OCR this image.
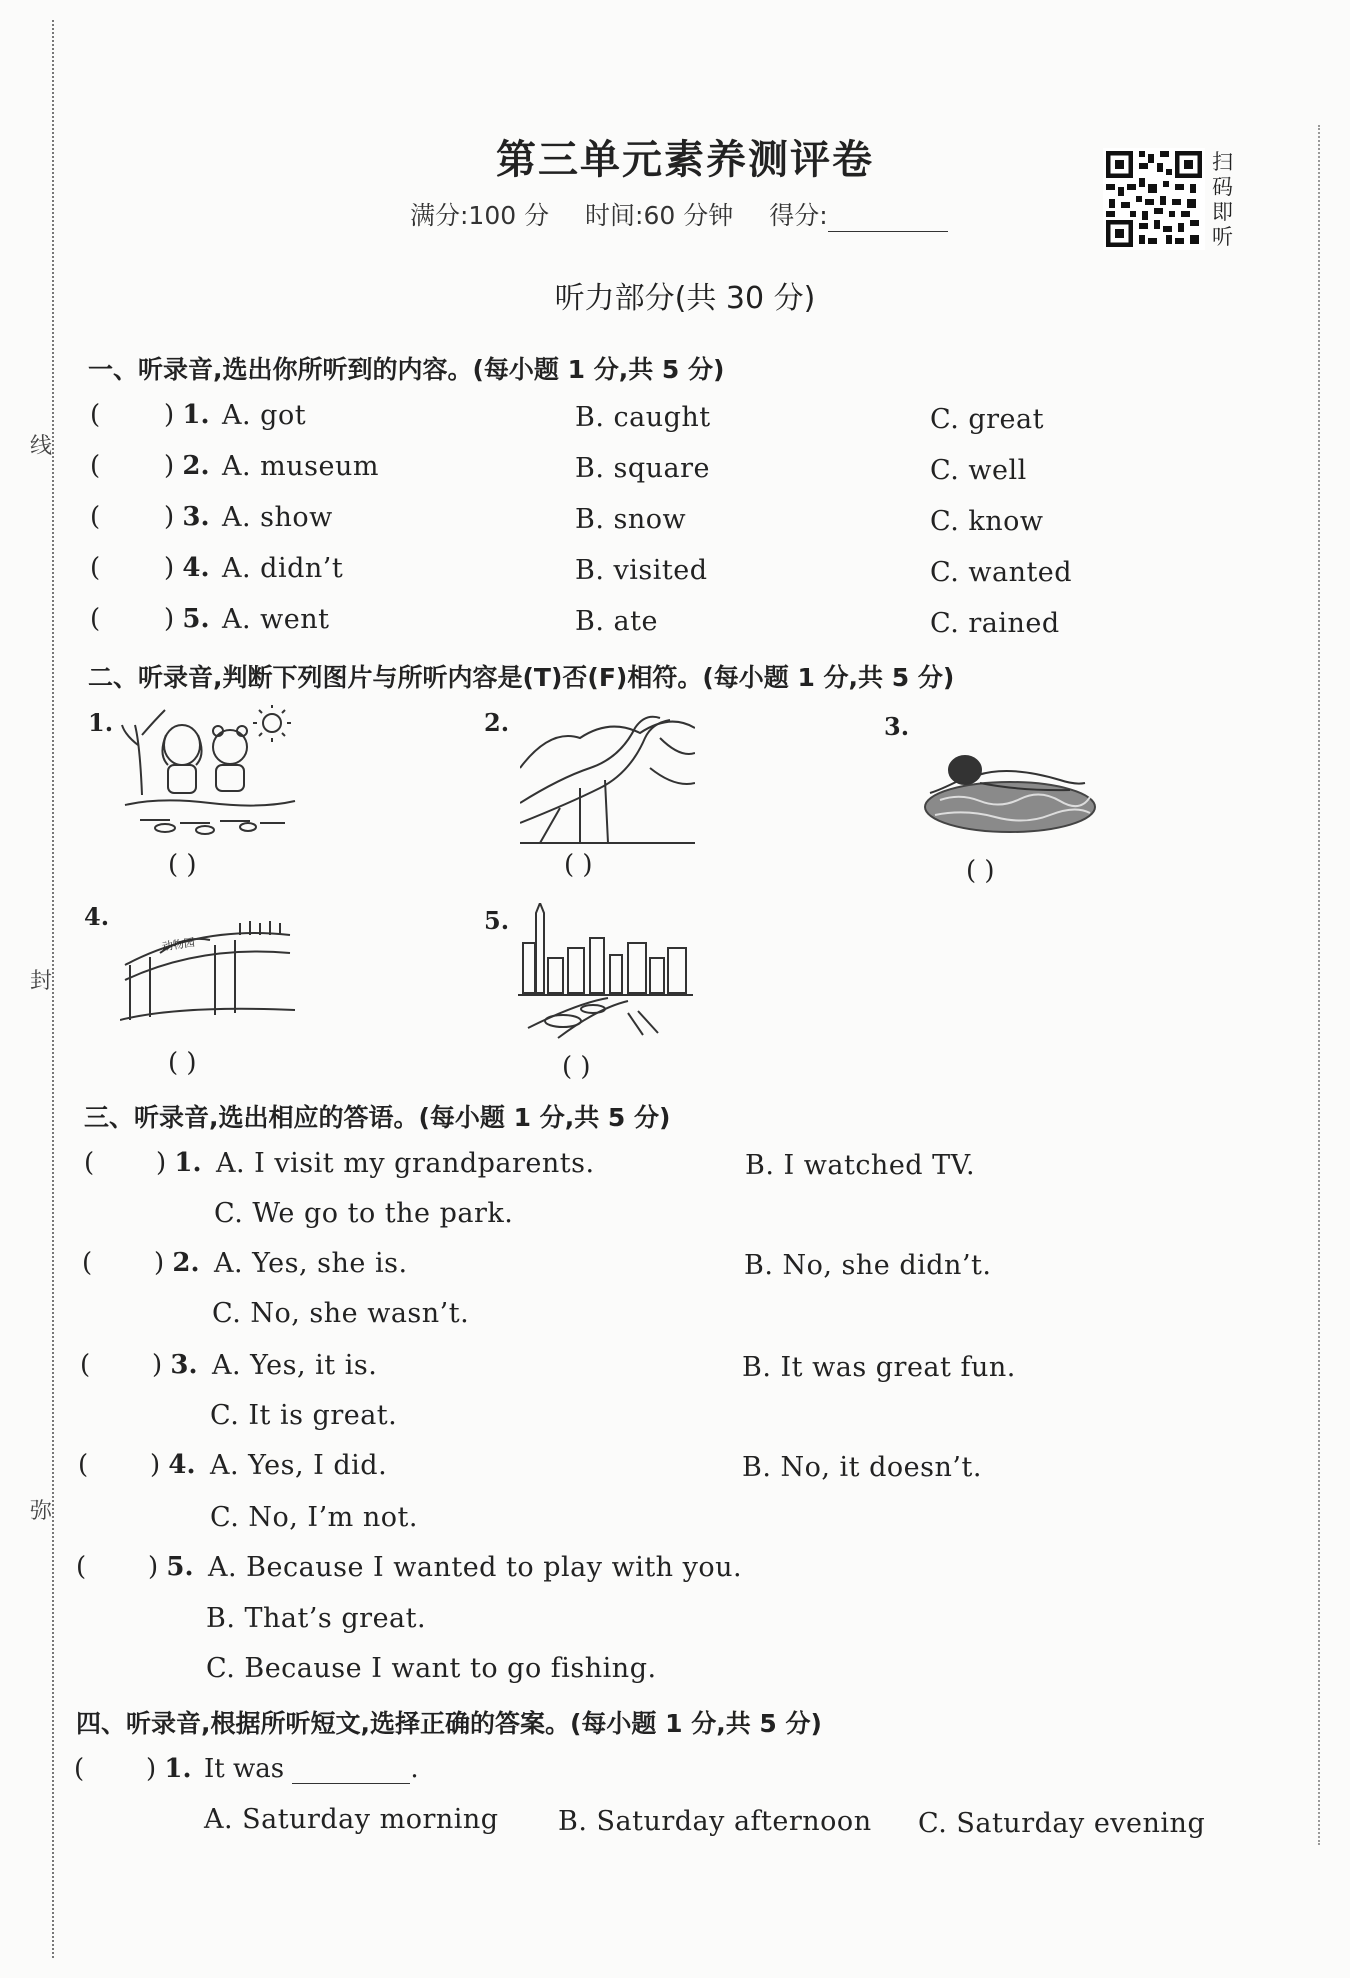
线
封
弥
第三单元素养测评卷
满分:100 分 时间:60 分钟 得分:
扫
码
即
听
听力部分(共 30 分)
一、听录音,选出你所听到的内容。(每小题 1 分,共 5 分)
( ) 1. A. got	B. caught	C. great
( ) 2. A. museum	B. square	C. well
( ) 3. A. show	B. snow	C. know
( ) 4. A. didn’t	B. visited	C. wanted
( ) 5. A. went	B. ate	C. rained
二、听录音,判断下列图片与所听内容是(T)否(F)相符。(每小题 1 分,共 5 分)
1.
( )
2.
( )
3.
( )
4.
动物园
( )
5.
( )
三、听录音,选出相应的答语。(每小题 1 分,共 5 分)
( ) 1. A. I visit my grandparents.	B. I watched TV.
C. We go to the park.
( ) 2. A. Yes, she is.	B. No, she didn’t.
C. No, she wasn’t.
( ) 3. A. Yes, it is.	B. It was great fun.
C. It is great.
( ) 4. A. Yes, I did.	B. No, it doesn’t.
C. No, I’m not.
( ) 5. A. Because I wanted to play with you.
B. That’s great.
C. Because I want to go fishing.
四、听录音,根据所听短文,选择正确的答案。(每小题 1 分,共 5 分)
( ) 1. It was	.
A. Saturday morning B. Saturday afternoon C. Saturday evening
